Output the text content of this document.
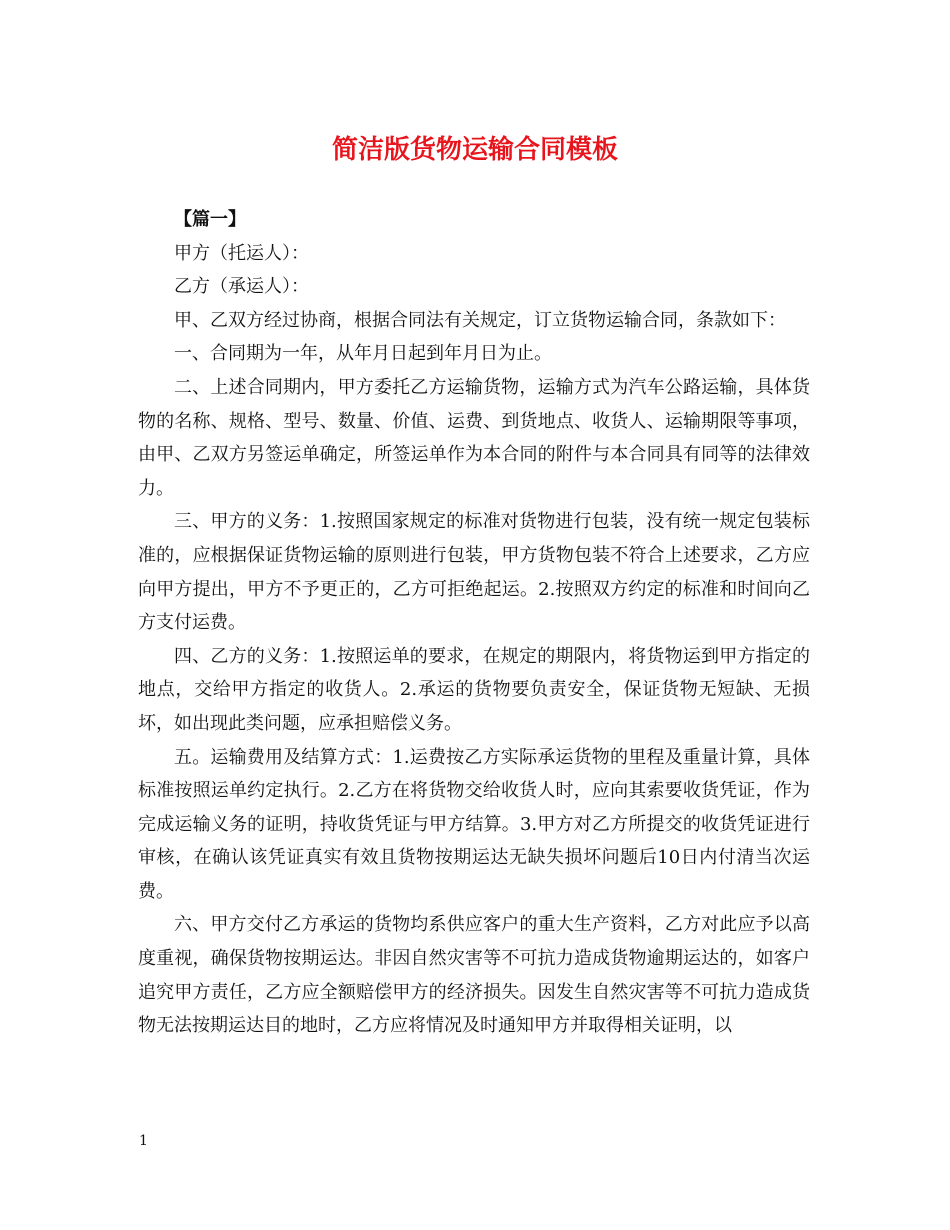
简洁版货物运输合同模板

【篇一】

甲方（托运人）：

乙方（承运人）：

甲、乙双方经过协商，根据合同法有关规定，订立货物运输合同，条款如下：

一、合同期为一年，从年月日起到年月日为止。

二、上述合同期内，甲方委托乙方运输货物，运输方式为汽车公路运输，具体货物的名称、规格、型号、数量、价值、运费、到货地点、收货人、运输期限等事项，由甲、乙双方另签运单确定，所签运单作为本合同的附件与本合同具有同等的法律效力。

三、甲方的义务：1.按照国家规定的标准对货物进行包装，没有统一规定包装标准的，应根据保证货物运输的原则进行包装，甲方货物包装不符合上述要求，乙方应向甲方提出，甲方不予更正的，乙方可拒绝起运。2.按照双方约定的标准和时间向乙方支付运费。

四、乙方的义务：1.按照运单的要求，在规定的期限内，将货物运到甲方指定的地点，交给甲方指定的收货人。2.承运的货物要负责安全，保证货物无短缺、无损坏，如出现此类问题，应承担赔偿义务。

五。运输费用及结算方式：1.运费按乙方实际承运货物的里程及重量计算，具体标准按照运单约定执行。2.乙方在将货物交给收货人时，应向其索要收货凭证，作为完成运输义务的证明，持收货凭证与甲方结算。3.甲方对乙方所提交的收货凭证进行审核，在确认该凭证真实有效且货物按期运达无缺失损坏问题后10日内付清当次运费。

六、甲方交付乙方承运的货物均系供应客户的重大生产资料，乙方对此应予以高度重视，确保货物按期运达。非因自然灾害等不可抗力造成货物逾期运达的，如客户追究甲方责任，乙方应全额赔偿甲方的经济损失。因发生自然灾害等不可抗力造成货物无法按期运达目的地时，乙方应将情况及时通知甲方并取得相关证明，以

1
